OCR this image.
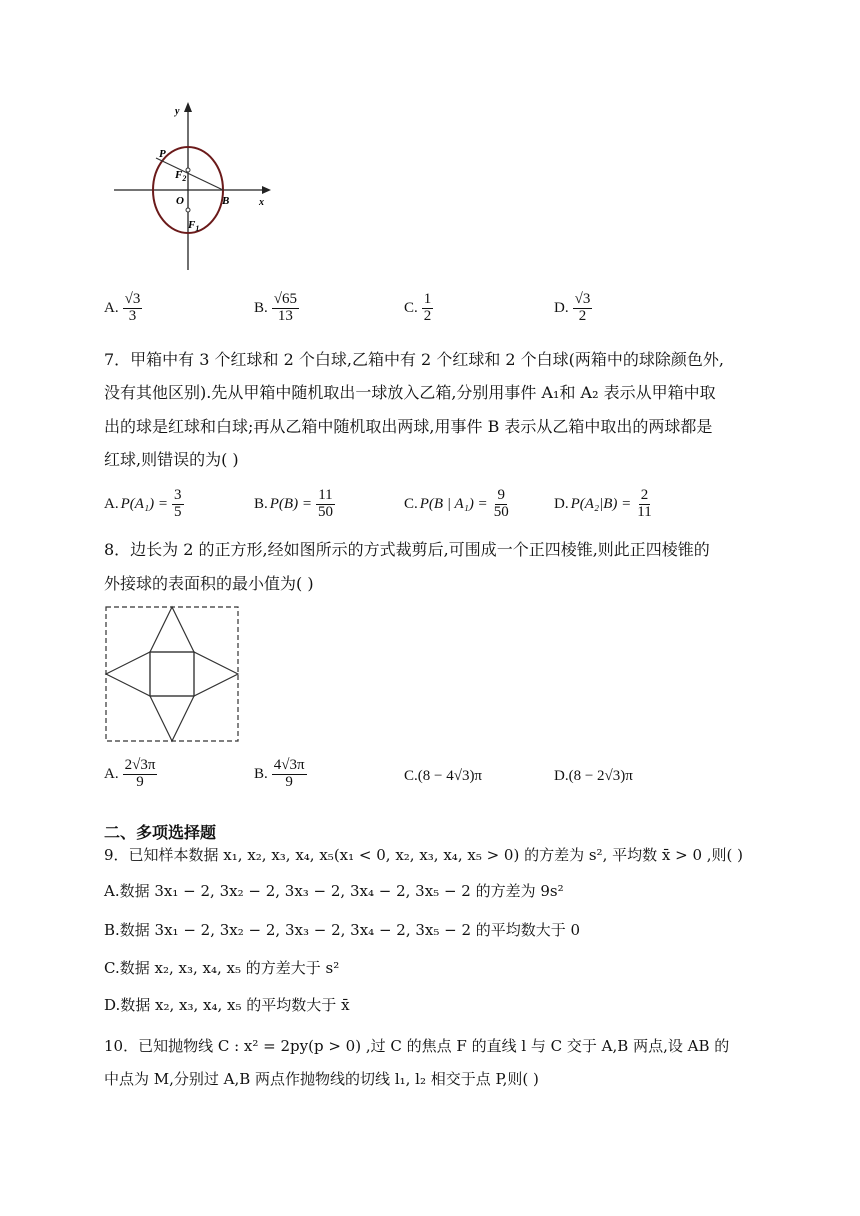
y
P
$F_2$
O	B	x
$F_1$
A. $\frac{√3}{3}$	B. $\frac{√65}{13}$	C. $\frac{1}{2}$	D. $\frac{√3}{2}$
7．甲箱中有 3 个红球和 2 个白球,乙箱中有 2 个红球和 2 个白球(两箱中的球除颜色外,
没有其他区别).先从甲箱中随机取出一球放入乙箱,分别用事件 A₁和 A₂ 表示从甲箱中取
出的球是红球和白球;再从乙箱中随机取出两球,用事件 B 表示从乙箱中取出的两球都是
红球,则错误的为( )
A. $P(A_1) = \frac{3}{5}$	B. $P(B) = \frac{11}{50}$	C. P(B | $A_1) = \frac{9}{50}$	D. $P(A_2|B) = \frac{2}{11}$
8．边长为 2 的正方形,经如图所示的方式裁剪后,可围成一个正四棱锥,则此正四棱锥的
外接球的表面积的最小值为( )
A. $\frac{2√3\pi}{9}$	B. $\frac{4√3\pi}{9}$	C.(8 − 4√3)π	D.(8 − 2√3)π
二、多项选择题
9．已知样本数据 x₁, x₂, x₃, x₄, x₅(x₁ < 0, x₂, x₃, x₄, x₅ > 0) 的方差为 s², 平均数 x̄ > 0 ,则( )
A.数据 3x₁ − 2, 3x₂ − 2, 3x₃ − 2, 3x₄ − 2, 3x₅ − 2 的方差为 9s²
B.数据 3x₁ − 2, 3x₂ − 2, 3x₃ − 2, 3x₄ − 2, 3x₅ − 2 的平均数大于 0
C.数据 x₂, x₃, x₄, x₅ 的方差大于 s²
D.数据 x₂, x₃, x₄, x₅ 的平均数大于 x̄
10．已知抛物线 C : x² = 2py(p > 0) ,过 C 的焦点 F 的直线 l 与 C 交于 A,B 两点,设 AB 的
中点为 M,分别过 A,B 两点作抛物线的切线 l₁, l₂ 相交于点 P,则( )
